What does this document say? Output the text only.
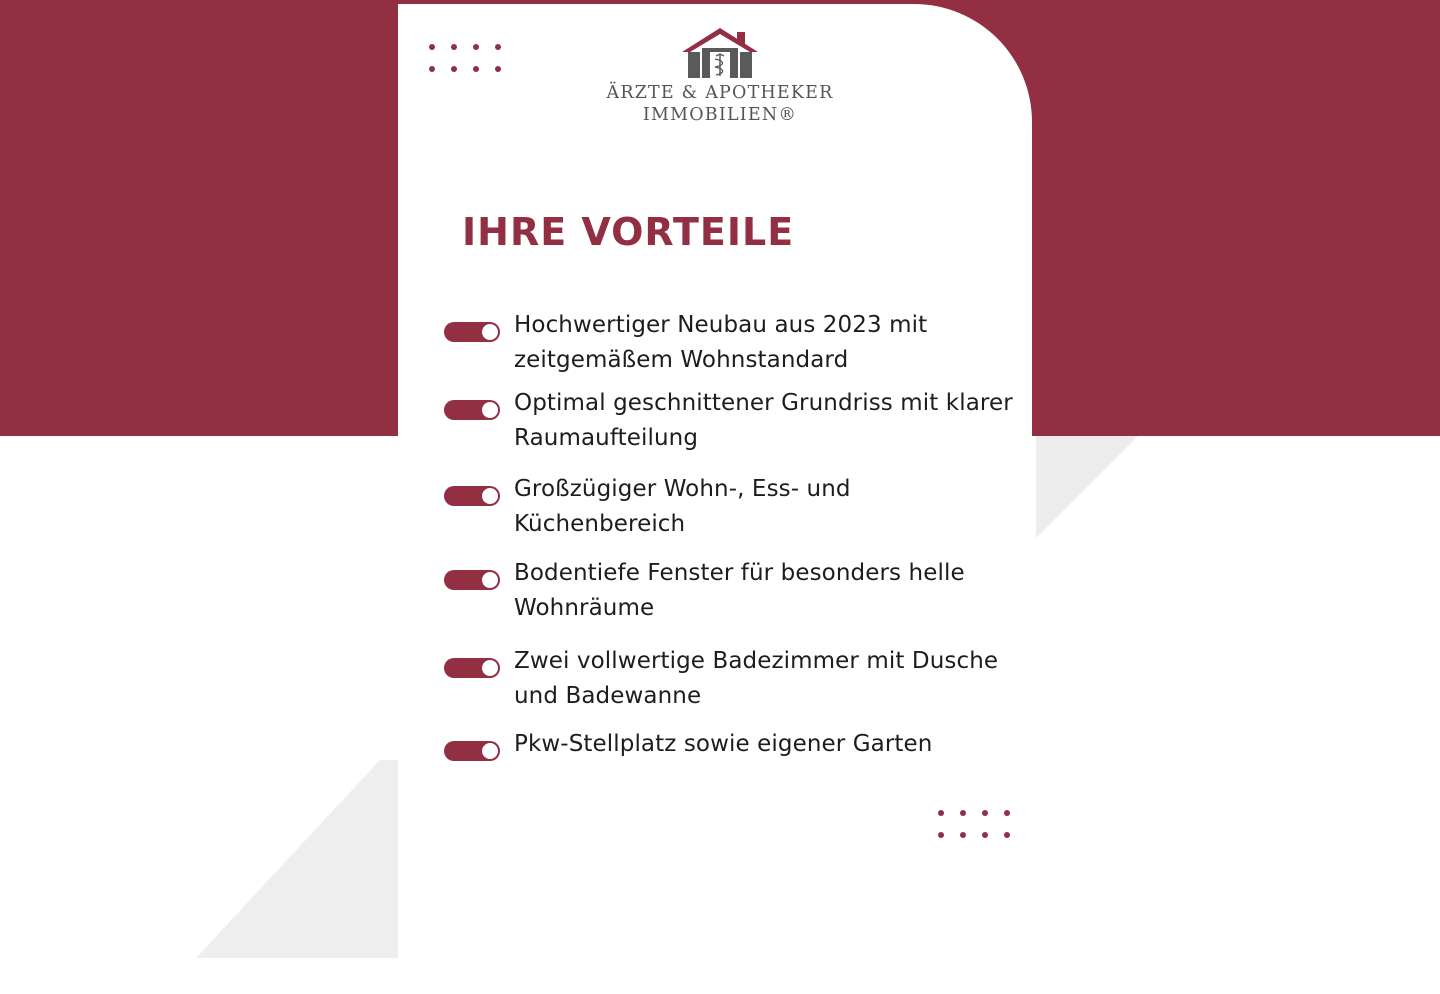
ÄRZTE & APOTHEKER
IMMOBILIEN®
IHRE VORTEILE
Hochwertiger Neubau aus 2023 mit zeitgemäßem Wohnstandard
Optimal geschnittener Grundriss mit klarer Raumaufteilung
Großzügiger Wohn-, Ess- und Küchenbereich
Bodentiefe Fenster für besonders helle Wohnräume
Zwei vollwertige Badezimmer mit Dusche und Badewanne
Pkw-Stellplatz sowie eigener Garten
